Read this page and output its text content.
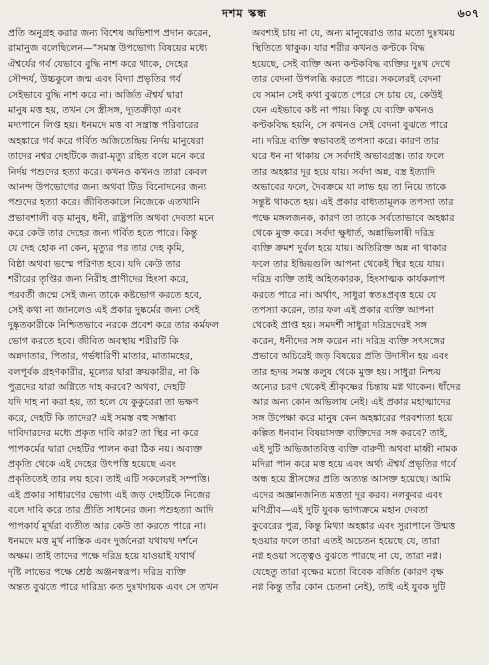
দশম স্কন্ধ	৬০৭
প্রতি অনুগ্রহ করার জন্য বিশেষ অভিশাপ প্রদান করেন,
রামানুজ বলেছিলেন—"সমস্ত উপভোগ্য বিষয়ের মধ্যে
ঐশ্বর্যের গর্ব যেভাবে বুদ্ধি নাশ করে থাকে, দেহের
সৌন্দর্য, উচ্চকুলে জন্ম এবং বিদ্যা প্রভৃতির গর্ব
সেইভাবে বুদ্ধি নাশ করে না। অর্জিত ঐশ্বর্য দ্বারা
মানুষ মত্ত হয়, তখন সে স্ত্রীসঙ্গ, দ্যূতক্রীড়া এবং
মদ্যপানে লিপ্ত হয়। ধনমদে মত্ত বা সন্ত্রাস্ত পরিবারের
অহঙ্কারে গর্ব করে গর্বিত অজিতেন্দ্রিয় নির্দয় মানুষেরা
তাদের নশ্বর দেহটিকে জরা-মৃত্যু রহিত বলে মনে করে
নির্দয় পশুদের হত্যা করে। কখনও কখনও তারা কেবল
আনন্দ উপভোগের জন্য অথবা টিড বিনোদনের জন্য
পশুদের হত্যা করে। জীবিতকালে নিজেকে এতখানি
প্রভাবশালী বড় মানুষ, ধনী, রাষ্ট্রপতি অথবা দেবতা মনে
করে কেউ তার দেহের জন্য গর্বিত হতে পারে। কিন্তু
যে দেহ হোক না কেন, মৃত্যুর পর তার দেহ কৃমি,
বিষ্ঠা অথবা ভস্মে পরিণত হবে। যদি কেউ তার
শরীরের তৃপ্তির জন্য নিরীহ প্রাণীদের হিংসা করে,
পরবর্তী জন্মে সেই জন্য তাকে কষ্টভোগ করতে হবে,
সেই কথা না জানলেও এই প্রকার দুষ্কর্মের জন্য সেই
দুষ্কৃতকারীকে নিশ্চিতভাবে নরকে প্রবেশ করে তার কর্মফল
ভোগ করতে হবে। জীবিত অবস্থায় শরীরটি কি
অন্নদাতার, পিতার, গর্ভধারিণী মাতার, মাতামহের,
বলপূর্বক গ্রহণকারীর, মূল্যের দ্বারা ক্রয়কারীর, না কি
পুত্রদের যারা অগ্নিতে দাহ করবে? অথবা, দেহটি
যদি দাহ না করা হয়, তা হলে যে কুকুরেরা তা ভক্ষণ
করে, দেহটি কি তাদের? এই সমস্ত বহু সম্ভাব্য
দাবিদারদের মধ্যে প্রকৃত দাবি কার? তা স্থির না করে
পাপকর্মের দ্বারা দেহটির পালন করা ঠিক নয়। অব্যক্ত
প্রকৃতি থেকে এই দেহের উৎপত্তি হয়েছে এবং
প্রকৃতিতেই তার লয় হবে। তাই এটি সকলেরই সম্পত্তি।
এই প্রকার সাধারণের ভোগ্য এই জড় দেহটিকে নিজের
বলে দাবি করে তার প্রীতি সাধনের জন্য পশুহত্যা আদি
পাপকার্য মূর্খরা ব্যতীত আর কেউ তা করতে পারে না।
ধনমদে মত্ত মূর্খ নাস্তিক এবং দুর্জনেরা যথাযথ দর্শনে
অক্ষম। তাই তাদের পক্ষে দরিদ্র হয়ে যাওয়াই যথার্থ
দৃষ্টি লাভের পক্ষে শ্রেষ্ঠ অঞ্জনস্বরূপ। দরিদ্র ব্যক্তি
অন্তত বুঝতে পারে দারিদ্র্য কত দুঃখদায়ক এবং সে তখন
অবশ্যই চায় না যে, অন্য মানুষেরাও তার মতো দুঃখময়
স্থিতিতে থাকুক। যার শরীর কখনও কণ্টকে বিদ্ধ
হয়েছে, সেই ব্যক্তি অন্য কণ্টকবিদ্ধ ব্যক্তির দুঃখ দেখে
তার বেদনা উপলব্ধি করতে পারে। সকলেরই বেদনা
যে সমান সেই কথা বুঝতে পেরে সে চায় যে, কেউই
যেন এইভাবে কষ্ট না পায়। কিন্তু যে ব্যক্তি কখনও
কণ্টকবিদ্ধ হয়নি, সে কখনও সেই বেদনা বুঝতে পারে
না। দরিদ্র ব্যক্তি স্বভাবতই তপস্যা করে। কারণ তার
ঘরে ধন না থাকায় সে সর্বদাই অভাবগ্রস্ত। তার ফলে
তার অহঙ্কার দূর হয়ে যায়। সর্বদা অন্ন, বস্ত্র ইত্যাদি
অভাবের ফলে, দৈবক্রমে যা লাভ হয় তা নিয়ে তাকে
সন্তুষ্ট থাকতে হয়। এই প্রকার বাধ্যতামূলক তপস্যা তার
পক্ষে মঙ্গলজনক, কারণ তা তাকে সর্বতোভাবে অহঙ্কার
থেকে মুক্ত করে। সর্বদা ক্ষুধার্ত, অন্নাভিলাষী দরিদ্র
ব্যক্তি ক্রমশ দুর্বল হয়ে যায়। অতিরিক্ত অন্ন না থাকার
ফলে তার ইন্দ্রিয়গুলি আপনা থেকেই স্থির হয়ে যায়।
দরিদ্র ব্যক্তি তাই অহিতকারক, হিংসাত্মক কার্যকলাপ
করতে পারে না। অর্থাৎ, সাধুরা স্বতঃপ্রবৃত্ত হয়ে যে
তপস্যা করেন, তার ফল এই প্রকার ব্যক্তি আপনা
থেকেই প্রাপ্ত হয়। সমদর্শী সাধুরা দরিদ্রদেরই সঙ্গ
করেন, ধনীদের সঙ্গ করেন না। দরিদ্র ব্যক্তি সৎসঙ্গের
প্রভাবে অচিরেই জড় বিষয়ের প্রতি উদাসীন হয় এবং
তার হৃদয় সমস্ত কলুষ থেকে মুক্ত হয়। সাধুরা নিশ্চয়
অন্যের চরণ থেকেই শ্রীকৃষ্ণের চিন্তায় মগ্ন থাকেন। ধাঁদের
আর অন্য কোন অভিলাষ নেই। এই প্রকার মহাত্মাদের
সঙ্গ উপেক্ষা করে মানুষ কেন অহঙ্কারের পরবশ্যতা হয়ে
কল্পিত ধনবান বিষয়াসক্ত ব্যক্তিদের সঙ্গ করবে? তাই,
এই দুটি অভিজাতবিত্ত ব্যক্তি বারুণী অথবা মাধ্বী নামক
মদিরা পান করে মত্ত হয়ে এবং অর্থ্য ঐশ্বর্য প্রভৃতির গর্বে
অন্ধ হয়ে স্ত্রীসঙ্গের প্রতি অত্যন্ত আসক্ত হয়েছে। আমি
এদের অজ্ঞানজনিত মত্ততা দূর করব। নলকুবর এবং
মণিগ্রীব—এই দুটি যুবক ভাগ্যক্রমে মহান দেবতা
কুবেরের পুত্র, কিন্তু মিথ্যা অহঙ্কার এবং সুরাপানে উন্মত্ত
হওয়ার ফলে তারা এতই অচেতন হয়েছে যে, তারা
নগ্ন হওয়া সত্ত্বেও বুঝতে পারছে না যে, তারা নগ্ন।
যেহেতু তারা বৃক্ষের মতো বিবেক বর্জিত (কারণ বৃক্ষ
নগ্ন কিন্তু তাঁর কোন চেতনা নেই), তাই এই যুবক দুটি
